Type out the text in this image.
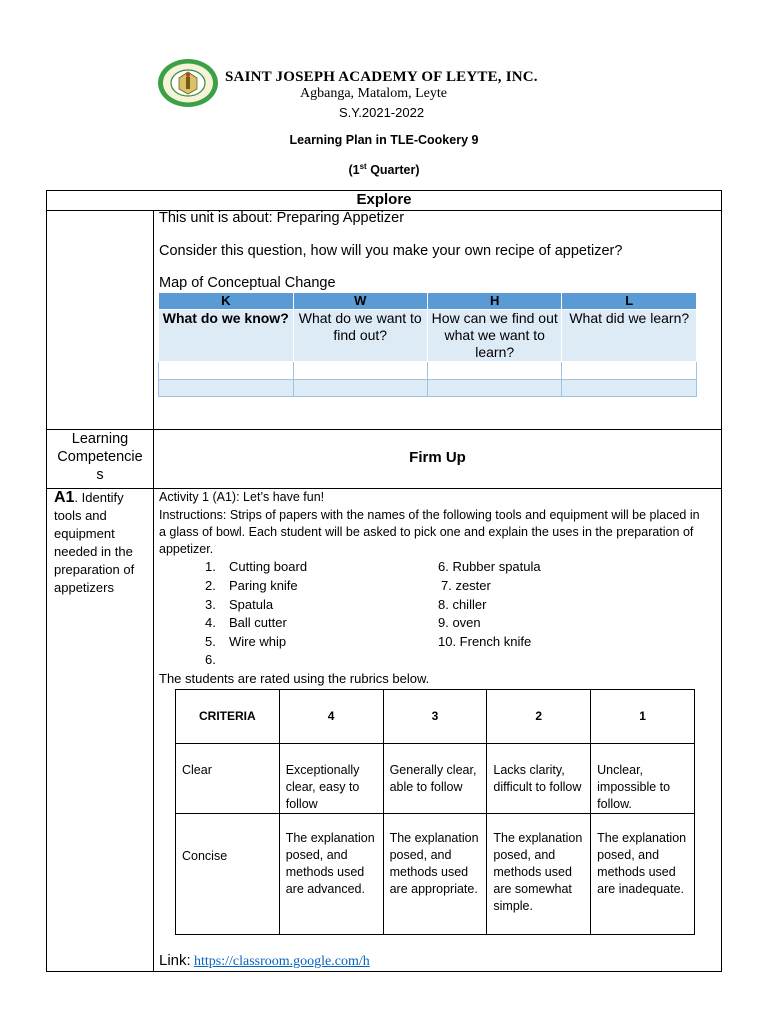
SAINT JOSEPH ACADEMY OF LEYTE, INC.
Agbanga, Matalom, Leyte
S.Y.2021-2022
Learning Plan in TLE-Cookery 9
(1st Quarter)
Explore
This unit is about: Preparing Appetizer
Consider this question, how will you make your own recipe of appetizer?
Map of Conceptual Change
K	W	H	L
What do we know?	What do we want to find out?	How can we find out what we want to learn?	What did we learn?

Learning
Competencie
s
Firm Up
A1. Identify tools and equipment needed in the preparation of appetizers
Activity 1 (A1): Let’s have fun!
Instructions: Strips of papers with the names of the following tools and equipment will be placed in a glass of bowl. Each student will be asked to pick one and explain the uses in the preparation of appetizer.
1. Cutting board
2. Paring knife
3. Spatula
4. Ball cutter
5. Wire whip
6.
6. Rubber spatula
7. zester
8. chiller
9. oven
10. French knife
The students are rated using the rubrics below.
CRITERIA	4	3	2	1
Clear	Exceptionally clear, easy to follow	Generally clear, able to follow	Lacks clarity, difficult to follow	Unclear, impossible to follow.
Concise	The explanation posed, and methods used are advanced.	The explanation posed, and methods used are appropriate.	The explanation posed, and methods used are somewhat simple.	The explanation posed, and methods used are inadequate.
Link: https://classroom.google.com/h
